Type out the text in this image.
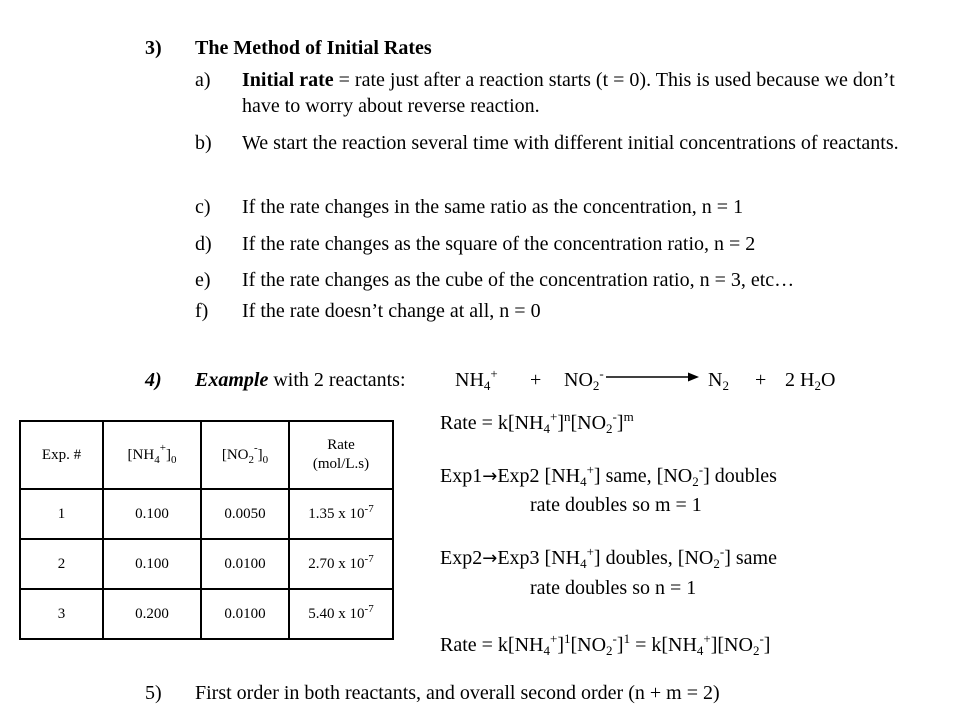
3) The Method of Initial Rates
a) Initial rate = rate just after a reaction starts (t = 0). This is used because we don’t have to worry about reverse reaction.
b) We start the reaction several time with different initial concentrations of reactants.
c) If the rate changes in the same ratio as the concentration, n = 1
d) If the rate changes as the square of the concentration ratio, n = 2
e) If the rate changes as the cube of the concentration ratio, n = 3, etc…
f) If the rate doesn’t change at all, n = 0
4) Example with 2 reactants: $NH_4^+ + NO_2^-$	$N_2 + 2$ $H_2O$
Exp. #	$[NH_4^+]_0$	$[NO_2^-]_0$	Rate
(mol/L.s)
1	0.100	0.0050	1.35 x $10^{-7}$
2	0.100	0.0100	2.70 x $10^{-7}$
3	0.200	0.0100	5.40 x $10^{-7}$
Rate = $k[NH_4^+]^n[NO_2^-]^m$
Exp1→Exp2 $[NH_4^+]$ same, $[NO_2^-]$ doubles
rate doubles so m = 1
Exp2→Exp3 $[NH_4^+]$ doubles, $[NO_2^-]$ same
rate doubles so n = 1
Rate = $k[NH_4^+]^1[NO_2^-]^1 = k[NH_4^+][NO_2^-]$
5) First order in both reactants, and overall second order (n + m = 2)
